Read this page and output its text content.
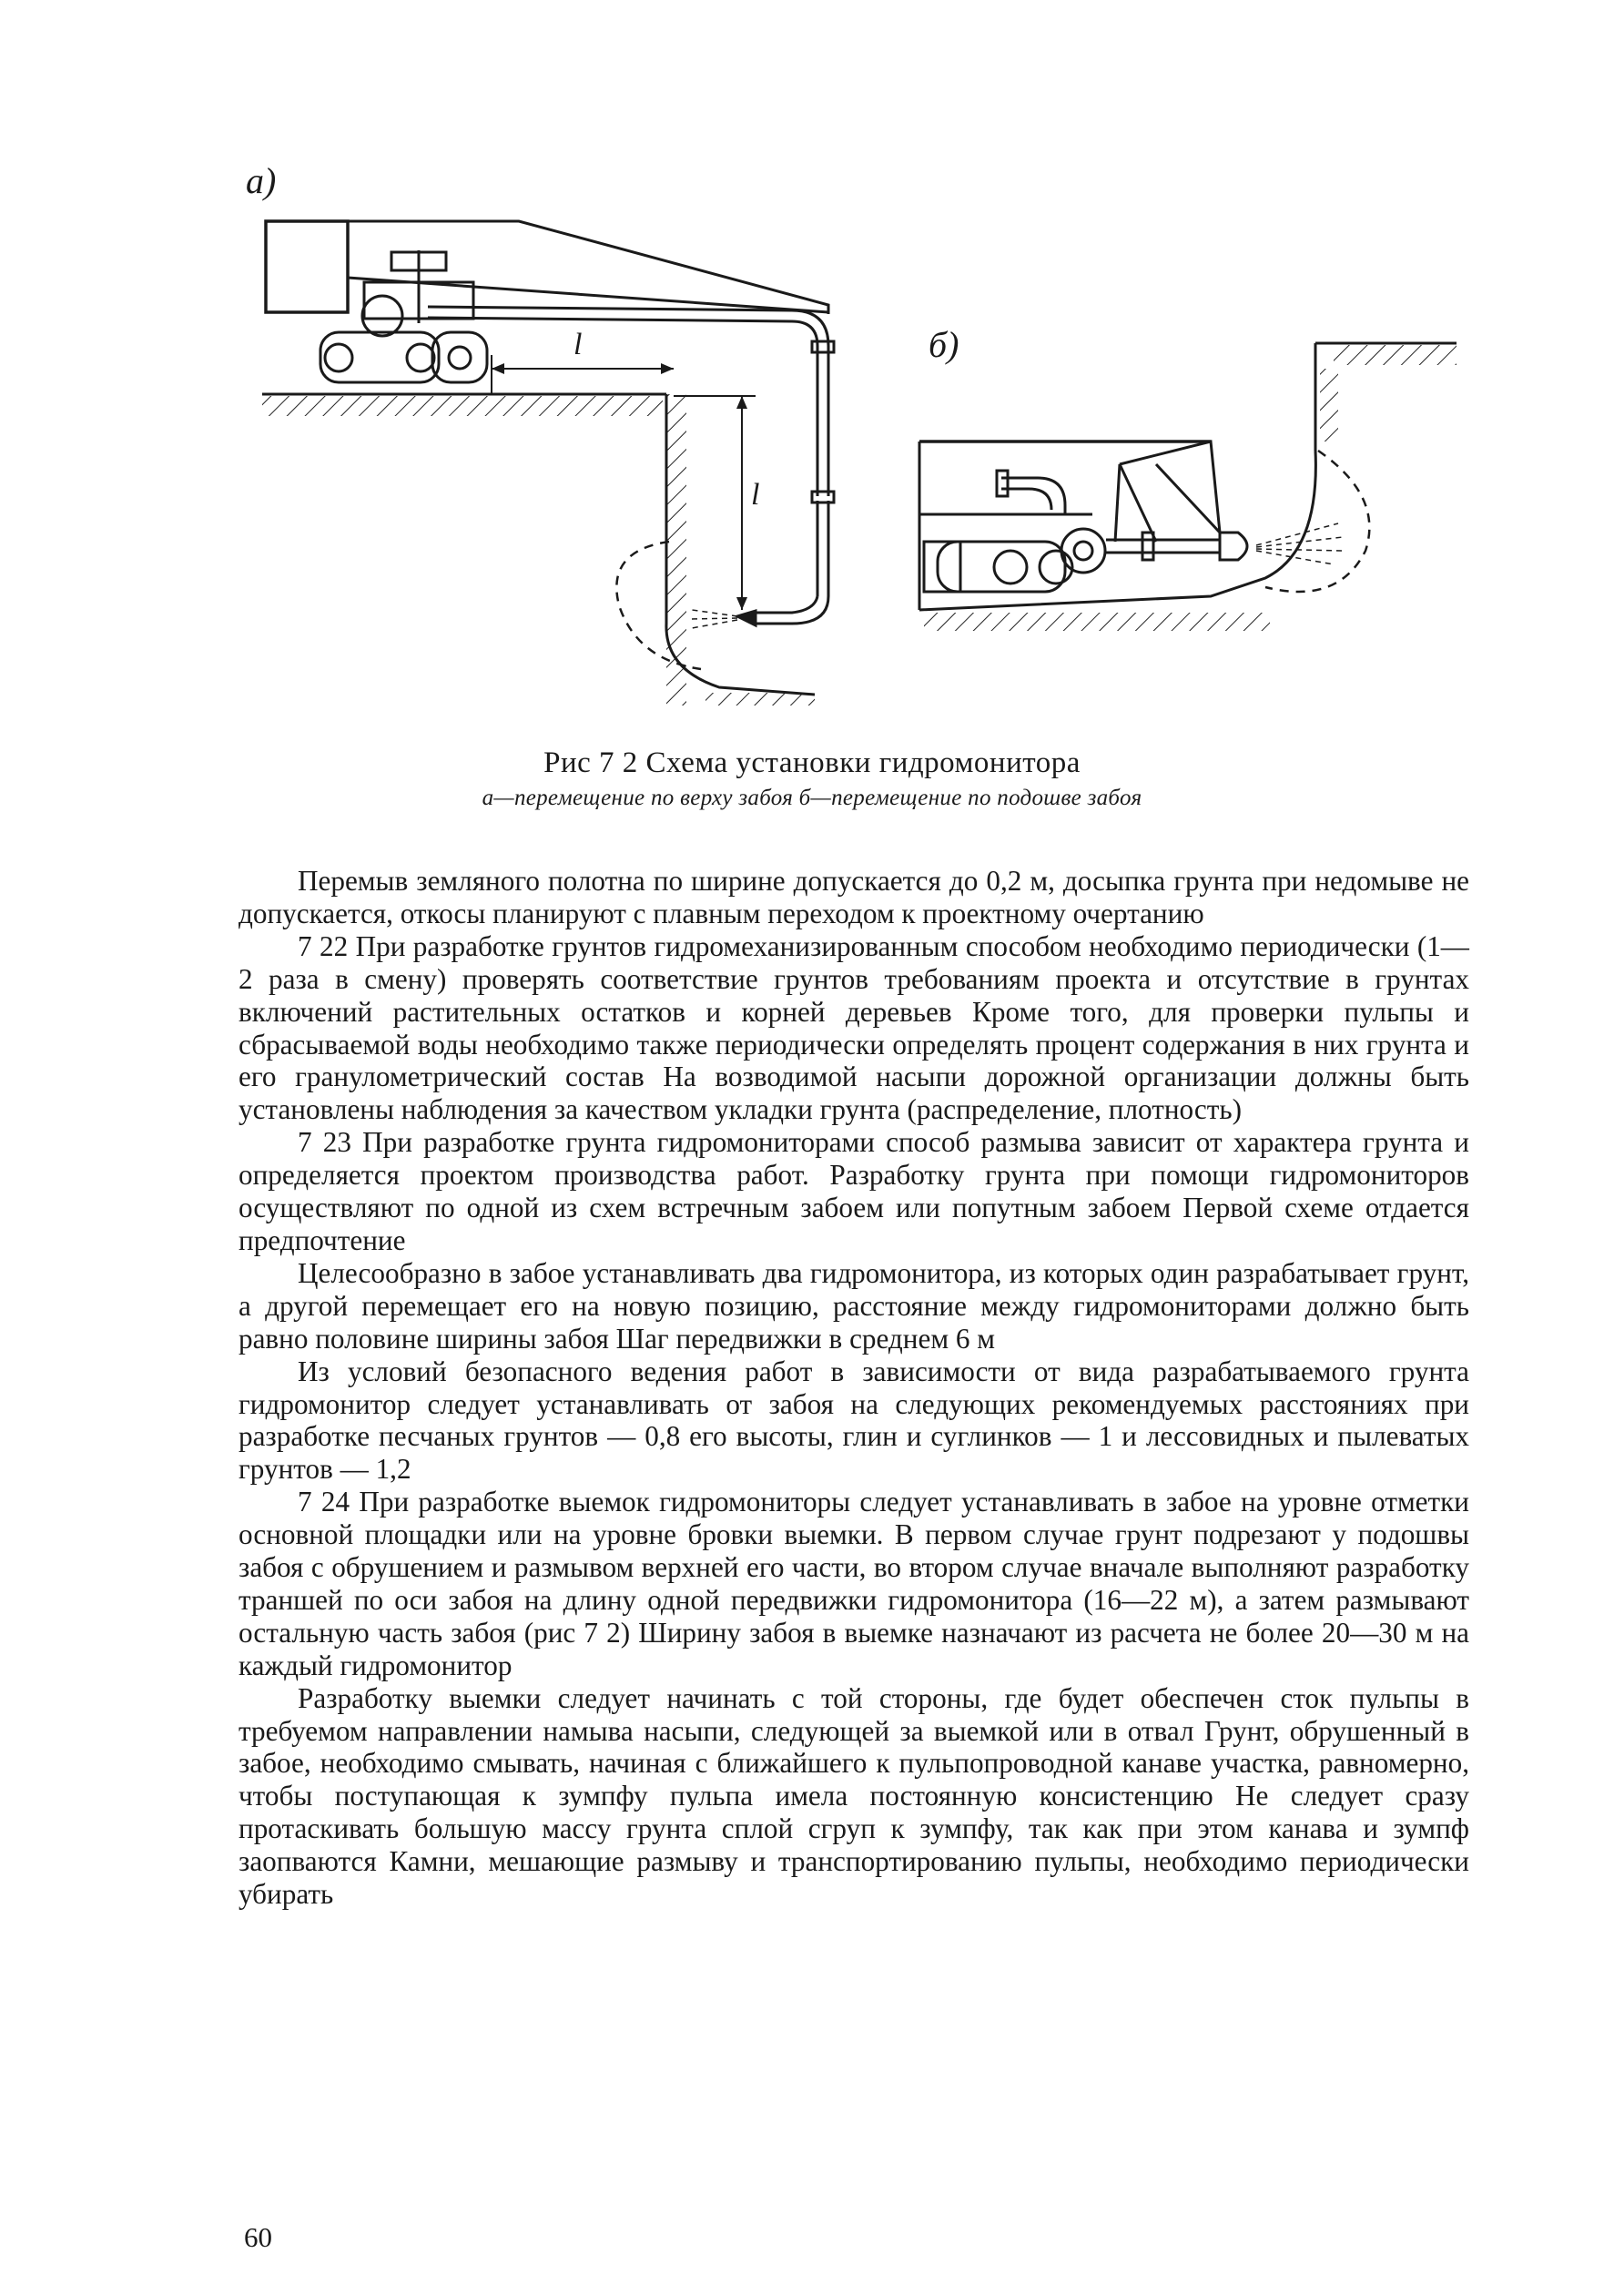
а)
б)
l
l
Рис 7 2 Схема установки гидромонитора
а—перемещение по верху забоя б—перемещение по подошве забоя

Перемыв земляного полотна по ширине допускается до 0,2 м, досыпка грунта при недомыве не допускается, откосы планируют с плавным переходом к проектному очертанию

7 22 При разработке грунтов гидромеханизированным способом необходимо периодически (1—2 раза в смену) проверять соответствие грунтов требованиям проекта и отсутствие в грунтах включений растительных остатков и корней деревьев Кроме того, для проверки пульпы и сбрасываемой воды необходимо также периодически определять процент содержания в них грунта и его гранулометрический состав На возводимой насыпи дорожной организации должны быть установлены наблюдения за качеством укладки грунта (распределение, плотность)

7 23 При разработке грунта гидромониторами способ размыва зависит от характера грунта и определяется проектом производства работ. Разработку грунта при помощи гидромониторов осуществляют по одной из схем встречным забоем или попутным забоем Первой схеме отдается предпочтение

Целесообразно в забое устанавливать два гидромонитора, из которых один разрабатывает грунт, а другой перемещает его на новую позицию, расстояние между гидромониторами должно быть равно половине ширины забоя Шаг передвижки в среднем 6 м

Из условий безопасного ведения работ в зависимости от вида разрабатываемого грунта гидромонитор следует устанавливать от забоя на следующих рекомендуемых расстояниях при разработке песчаных грунтов — 0,8 его высоты, глин и суглинков — 1 и лессовидных и пылеватых грунтов — 1,2

7 24 При разработке выемок гидромониторы следует устанавливать в забое на уровне отметки основной площадки или на уровне бровки выемки. В первом случае грунт подрезают у подошвы забоя с обрушением и размывом верхней его части, во втором случае вначале выполняют разработку траншей по оси забоя на длину одной передвижки гидромонитора (16—22 м), а затем размывают остальную часть забоя (рис 7 2) Ширину забоя в выемке назначают из расчета не более 20—30 м на каждый гидромонитор

Разработку выемки следует начинать с той стороны, где будет обеспечен сток пульпы в требуемом направлении намыва насыпи, следующей за выемкой или в отвал Грунт, обрушенный в забое, необходимо смывать, начиная с ближайшего к пульпопроводной канаве участка, равномерно, чтобы поступающая к зумпфу пульпа имела постоянную консистенцию Не следует сразу протаскивать большую массу грунта сплой сгруп к зумпфу, так как при этом канава и зумпф заопваются Камни, мешающие размыву и транспортированию пульпы, необходимо периодически убирать

60
